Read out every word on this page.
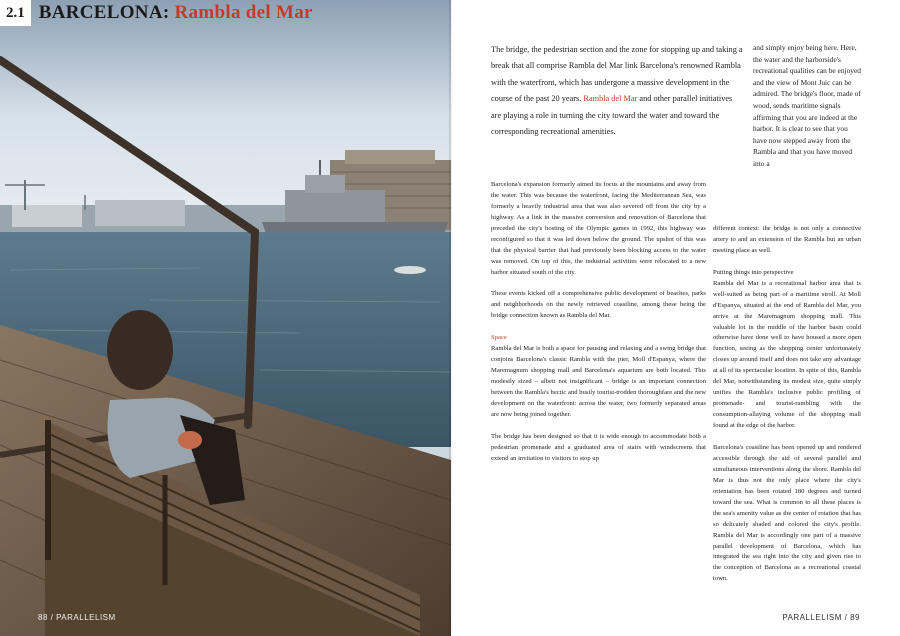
2.1 BARCELONA: Rambla del Mar
88 / PARALLELISM
The bridge, the pedestrian section and the zone for stopping up and taking a break that all comprise Rambla del Mar link Barcelona's renowned Rambla with the waterfront, which has undergone a massive development in the course of the past 20 years. Rambla del Mar and other parallel initiatives are playing a role in turning the city toward the water and toward the corresponding recreational amenities.
and simply enjoy being here. Here, the water and the harborside's recreational qualities can be enjoyed and the view of Mont Juic can be admired. The bridge's floor, made of wood, sends maritime signals affirming that you are indeed at the harbor. It is clear to see that you have now stepped away from the Rambla and that you have moved into a

Barcelona's expansion formerly aimed its focus at the mountains and away from the water. This was because the waterfront, facing the Mediterranean Sea, was formerly a heavily industrial area that was also severed off from the city by a highway. As a link in the massive conversion and renovation of Barcelona that preceded the city's hosting of the Olympic games in 1992, this highway was reconfigured so that it was led down below the ground. The upshot of this was that the physical barrier that had previously been blocking access to the water was removed. On top of this, the industrial activities were relocated to a new harbor situated south of the city.

These events kicked off a comprehensive public development of beaches, parks and neighborhoods on the newly retrieved coastline, among these being the bridge connection known as Rambla del Mar.

Space
Rambla del Mar is both a space for pausing and relaxing and a swing bridge that conjoins Barcelona's classic Rambla with the pier, Moll d'Espanya, where the Maremagnum shopping mall and Barcelona's aquarium are both located. This modestly sized – albeit not insignificant – bridge is an important connection between the Rambla's hectic and busily tourist-trodden thoroughfare and the new development on the waterfront: across the water, two formerly separated areas are now being joined together.

The bridge has been designed so that it is wide enough to accommodate both a pedestrian promenade and a graduated area of stairs with windscreens that extend an invitation to visitors to stop up

different context: the bridge is not only a connective artery to and an extension of the Rambla but an urban meeting place as well.

Putting things into perspective
Rambla del Mar is a recreational harbor area that is well-suited as being part of a maritime stroll. At Moll d'Espanya, situated at the end of Rambla del Mar, you arrive at the Maremagnum shopping mall. This valuable lot in the middle of the harbor basin could otherwise have done well to have housed a more open function, seeing as the shopping center unfortunately closes up around itself and does not take any advantage at all of its spectacular location. In spite of this, Rambla del Mar, notwithstanding its modest size, quite simply unifies the Rambla's inclusive public profiling of promenade- and tourist-rambling with the consumption-allaying volume of the shopping mall found at the edge of the harbor.

Barcelona's coastline has been opened up and rendered accessible through the aid of several parallel and simultaneous interventions along the shore. Rambla del Mar is thus not the only place where the city's orientation has been rotated 180 degrees and turned toward the sea. What is common to all these places is the sea's amenity value as the center of rotation that has so delicately shaded and colored the city's profile. Rambla del Mar is accordingly one part of a massive parallel development of Barcelona, which has integrated the sea right into the city and given rise to the conception of Barcelona as a recreational coastal town.

PARALLELISM / 89
